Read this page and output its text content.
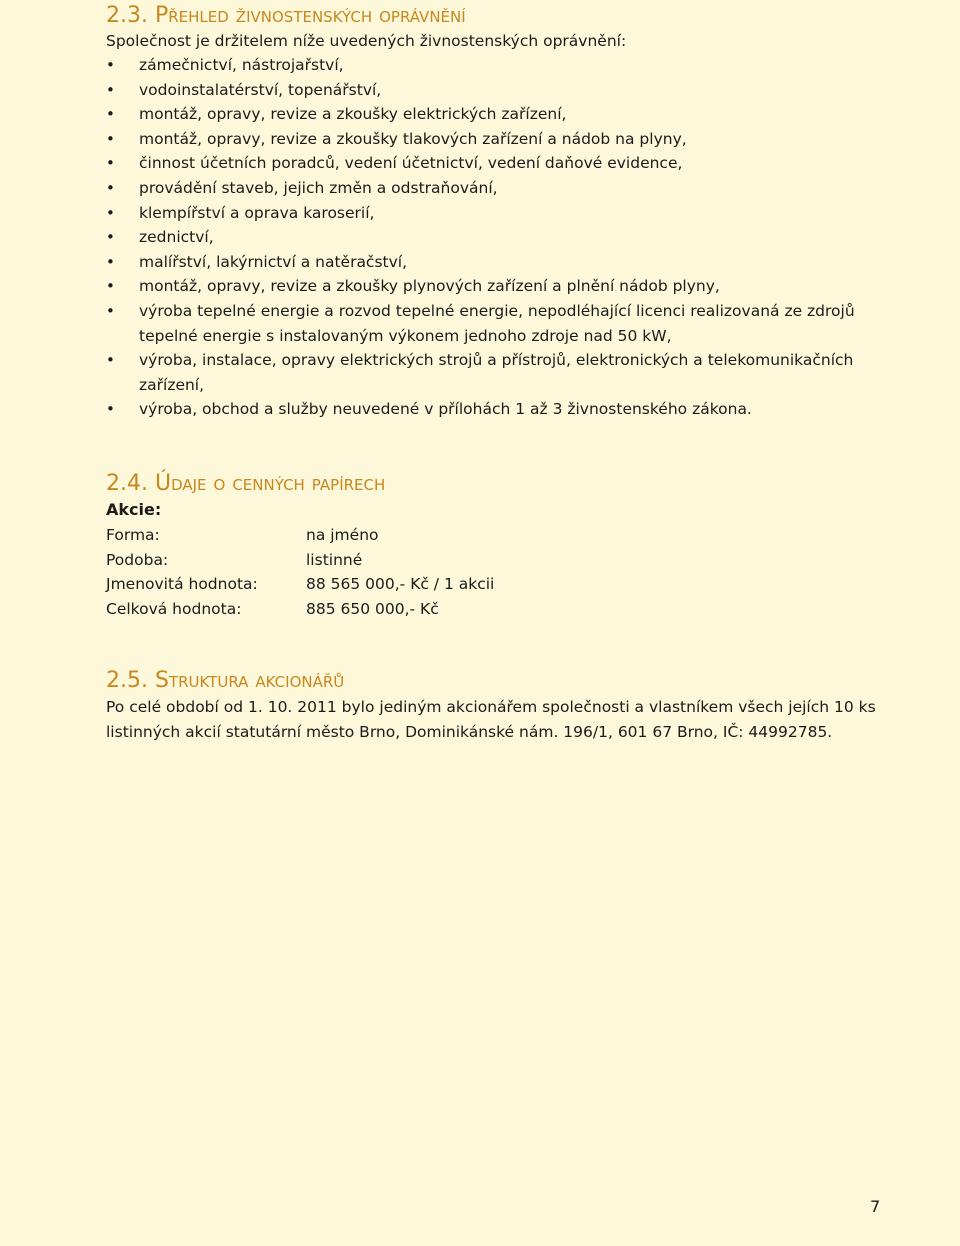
2.3. Přehled živnostenských oprávnění
Společnost je držitelem níže uvedených živnostenských oprávnění:
• zámečnictví, nástrojařství,
• vodoinstalatérství, topenářství,
• montáž, opravy, revize a zkoušky elektrických zařízení,
• montáž, opravy, revize a zkoušky tlakových zařízení a nádob na plyny,
• činnost účetních poradců, vedení účetnictví, vedení daňové evidence,
• provádění staveb, jejich změn a odstraňování,
• klempířství a oprava karoserií,
• zednictví,
• malířství, lakýrnictví a natěračství,
• montáž, opravy, revize a zkoušky plynových zařízení a plnění nádob plyny,
• výroba tepelné energie a rozvod tepelné energie, nepodléhající licenci realizovaná ze zdrojů tepelné energie s instalovaným výkonem jednoho zdroje nad 50 kW,
• výroba, instalace, opravy elektrických strojů a přístrojů, elektronických a telekomunikačních zařízení,
• výroba, obchod a služby neuvedené v přílohách 1 až 3 živnostenského zákona.
2.4. Údaje o cenných papírech
Akcie:
Forma:	na jméno
Podoba:	listinné
Jmenovitá hodnota:	88 565 000,- Kč / 1 akcii
Celková hodnota:	885 650 000,- Kč
2.5. Struktura akcionářů

Po celé období od 1. 10. 2011 bylo jediným akcionářem společnosti a vlastníkem všech jejích 10 ks listinných akcií statutární město Brno, Dominikánské nám. 196/1, 601 67 Brno, IČ: 44992785.

7
